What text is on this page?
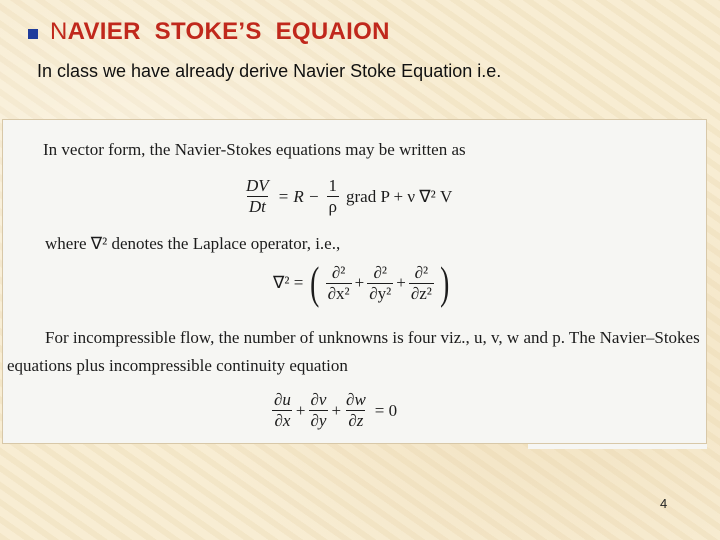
NAVIER  STOKE’S  EQUAION
In class we have already derive Navier Stoke Equation i.e.
In vector form, the Navier-Stokes equations may be written as
$\frac{DV}{Dt} = R - \frac{1}{\rho}$ grad P + ν ∇² V
where ∇² denotes the Laplace operator, i.e.,
∇² = ( $\frac{\text{∂²}}{\text{∂x²}} + \frac{\text{∂²}}{\text{∂y²}} + \frac{\text{∂²}}{\text{∂z²}}$ )
For incompressible flow, the number of unknowns is four viz., u, v, w and p. The Navier–Stokes
equations plus incompressible continuity equation
$\frac{\partial u}{\partial x} + \frac{\partial v}{\partial y} + \frac{\partial w}{\partial z} = 0$
4
